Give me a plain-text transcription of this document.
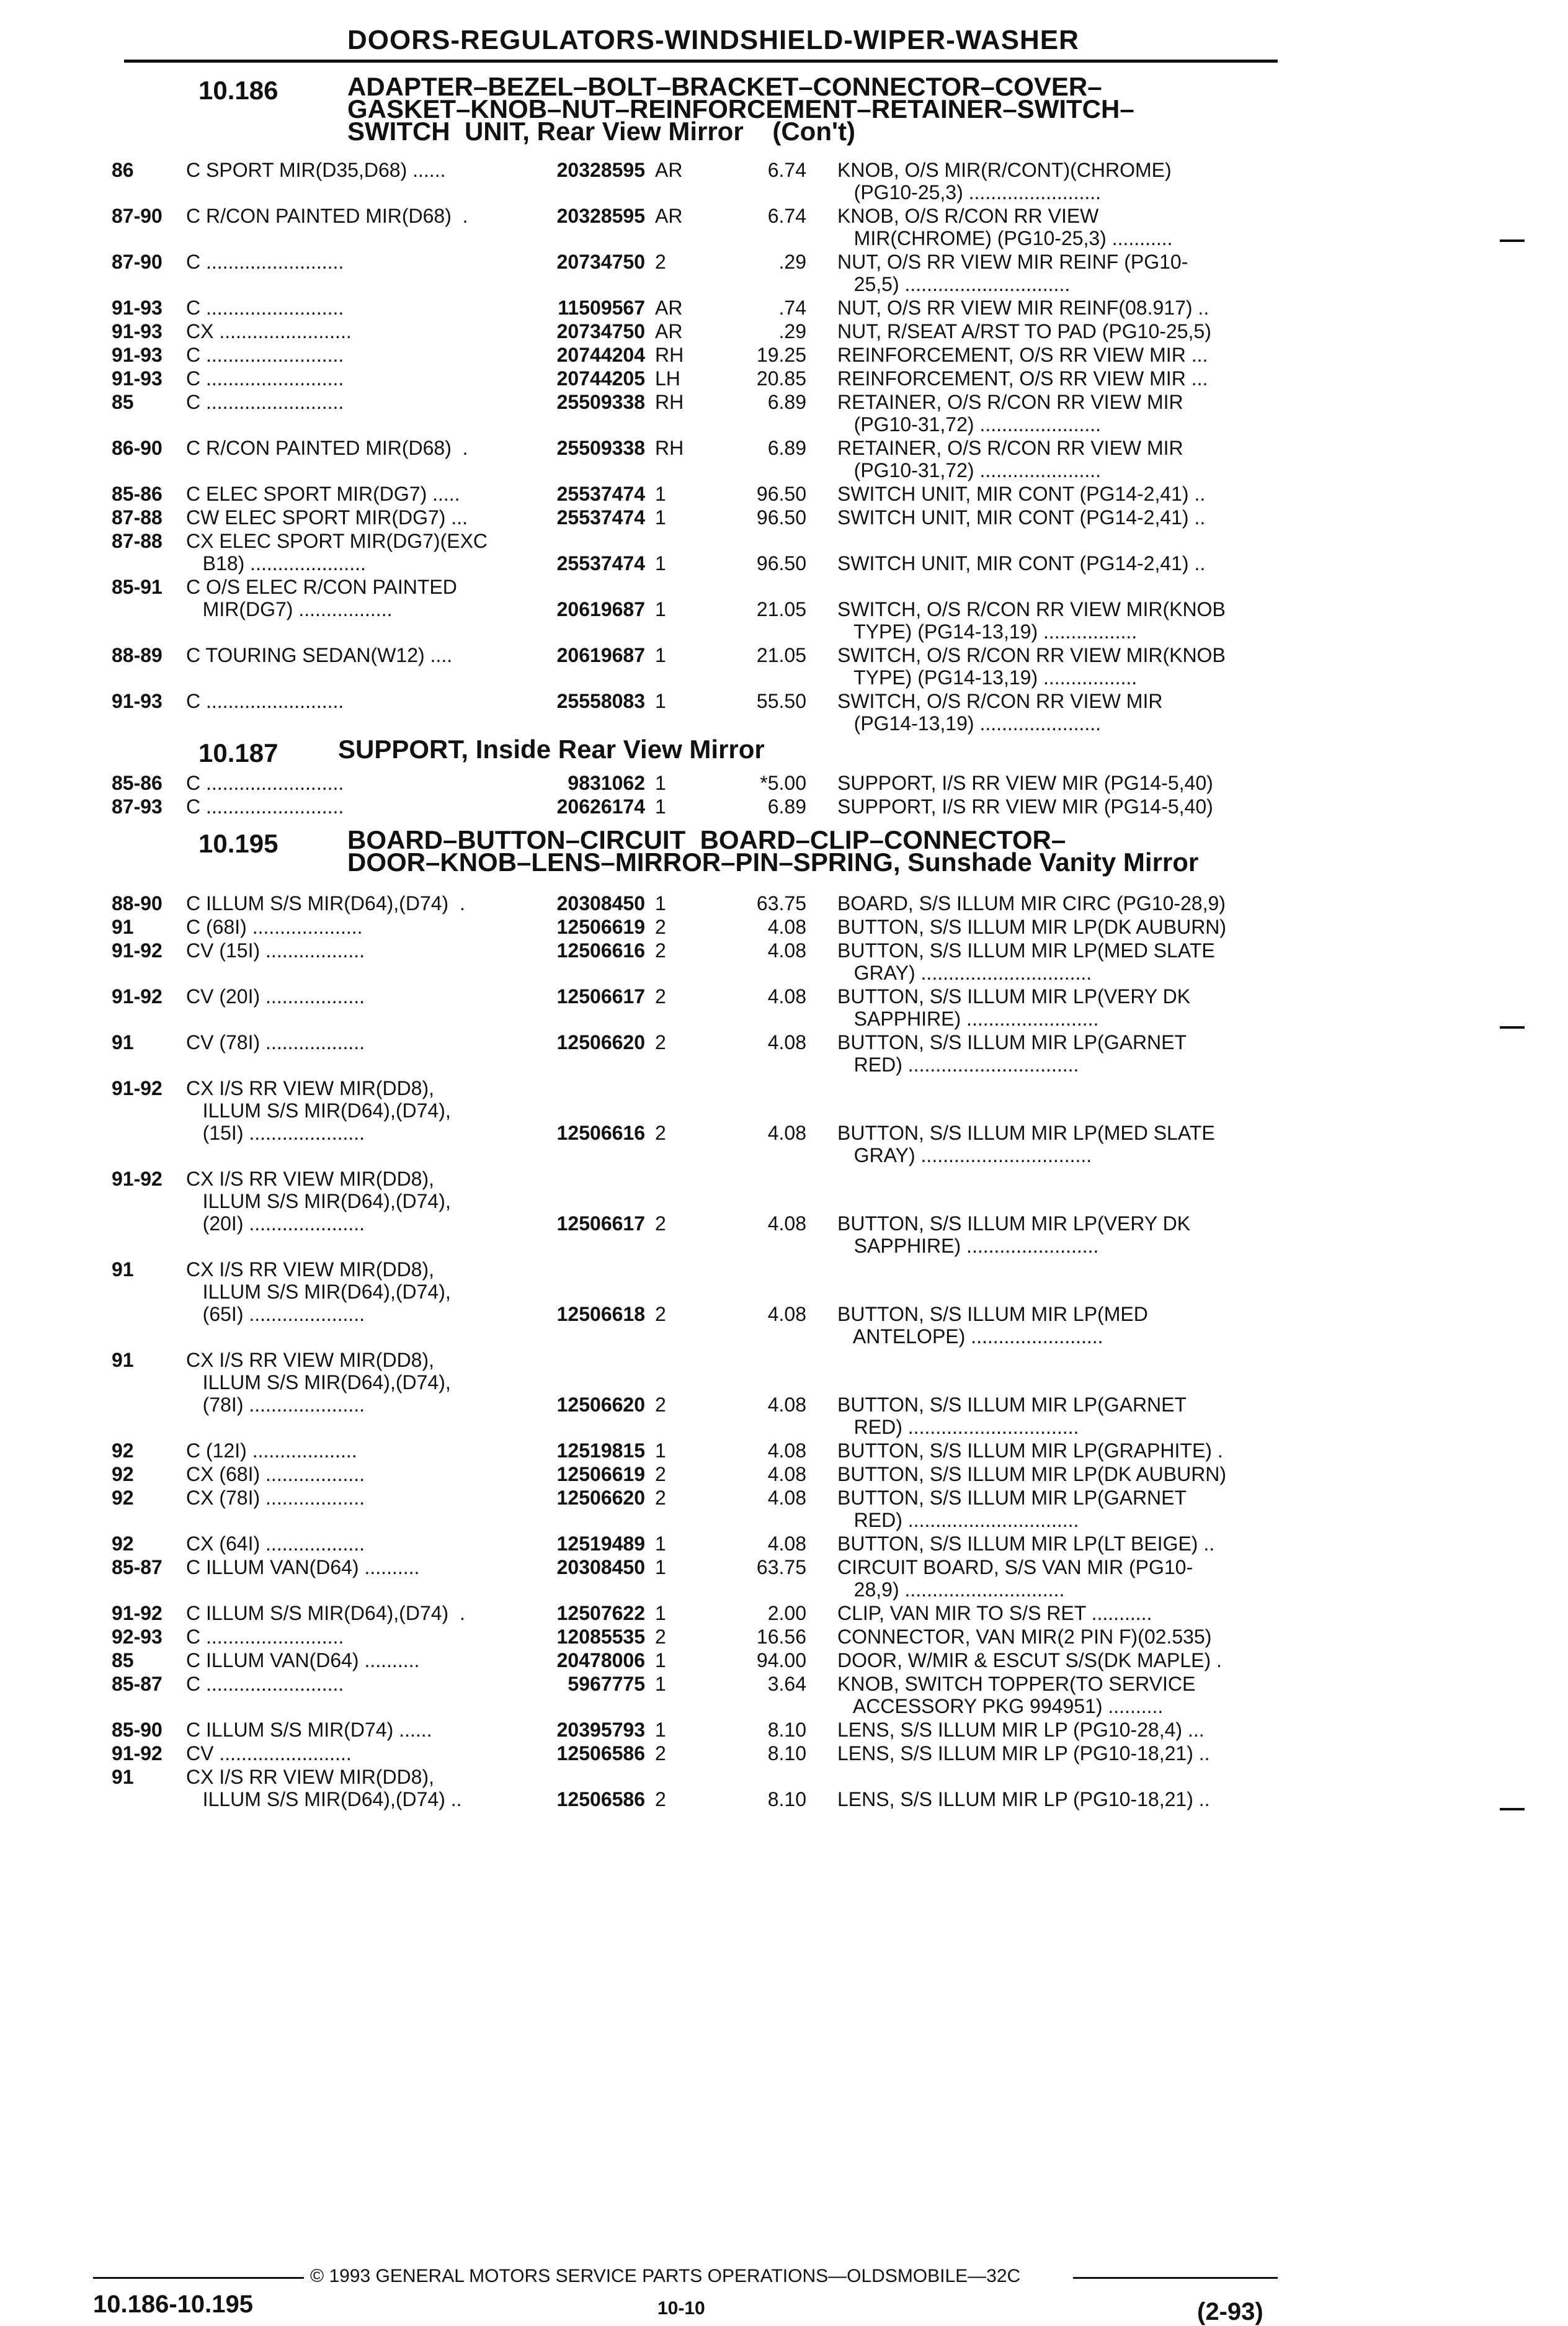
DOORS-REGULATORS-WINDSHIELD-WIPER-WASHER
10.186	ADAPTER–BEZEL–BOLT–BRACKET–CONNECTOR–COVER–
GASKET–KNOB–NUT–REINFORCEMENT–RETAINER–SWITCH–
SWITCH  UNIT, Rear View Mirror    (Con't)
86	C SPORT MIR(D35,D68) ......	20328595 AR	6.74 KNOB, O/S MIR(R/CONT)(CHROME)
(PG10-25,3) ........................
87-90 C R/CON PAINTED MIR(D68)  .	20328595 AR	6.74 KNOB, O/S R/CON RR VIEW
MIR(CHROME) (PG10-25,3) ...........
87-90 C .........................	20734750 2	.29 NUT, O/S RR VIEW MIR REINF (PG10-
25,5) ..............................
91-93 C .........................	11509567 AR	.74 NUT, O/S RR VIEW MIR REINF(08.917) ..
91-93 CX ........................	20734750 AR	.29 NUT, R/SEAT A/RST TO PAD (PG10-25,5)
91-93 C .........................	20744204 RH	19.25 REINFORCEMENT, O/S RR VIEW MIR ...
91-93 C .........................	20744205 LH	20.85 REINFORCEMENT, O/S RR VIEW MIR ...
85	C .........................	25509338 RH	6.89 RETAINER, O/S R/CON RR VIEW MIR
(PG10-31,72) ......................
86-90 C R/CON PAINTED MIR(D68)  .	25509338 RH	6.89 RETAINER, O/S R/CON RR VIEW MIR
(PG10-31,72) ......................
85-86 C ELEC SPORT MIR(DG7) .....	25537474 1	96.50 SWITCH UNIT, MIR CONT (PG14-2,41) ..
87-88 CW ELEC SPORT MIR(DG7) ...	25537474 1	96.50 SWITCH UNIT, MIR CONT (PG14-2,41) ..
87-88 CX ELEC SPORT MIR(DG7)(EXC
B18) .....................	25537474 1	96.50 SWITCH UNIT, MIR CONT (PG14-2,41) ..
85-91 C O/S ELEC R/CON PAINTED
MIR(DG7) .................	20619687 1	21.05 SWITCH, O/S R/CON RR VIEW MIR(KNOB
TYPE) (PG14-13,19) .................
88-89 C TOURING SEDAN(W12) ....	20619687 1	21.05 SWITCH, O/S R/CON RR VIEW MIR(KNOB
TYPE) (PG14-13,19) .................
91-93 C .........................	25558083 1	55.50 SWITCH, O/S R/CON RR VIEW MIR
(PG14-13,19) ......................
10.187 SUPPORT, Inside Rear View Mirror
85-86 C .........................	9831062 1	*5.00 SUPPORT, I/S RR VIEW MIR (PG14-5,40)
87-93 C .........................	20626174 1	6.89 SUPPORT, I/S RR VIEW MIR (PG14-5,40)
10.195	BOARD–BUTTON–CIRCUIT  BOARD–CLIP–CONNECTOR–
DOOR–KNOB–LENS–MIRROR–PIN–SPRING, Sunshade Vanity Mirror
88-90 C ILLUM S/S MIR(D64),(D74)  .	20308450 1	63.75 BOARD, S/S ILLUM MIR CIRC (PG10-28,9)
91	C (68I) ....................	12506619 2	4.08 BUTTON, S/S ILLUM MIR LP(DK AUBURN)
91-92 CV (15I) ..................	12506616 2	4.08 BUTTON, S/S ILLUM MIR LP(MED SLATE
GRAY) ...............................
91-92 CV (20I) ..................	12506617 2	4.08 BUTTON, S/S ILLUM MIR LP(VERY DK
SAPPHIRE) ........................
91	CV (78I) ..................	12506620 2	4.08 BUTTON, S/S ILLUM MIR LP(GARNET
RED) ...............................
91-92 CX I/S RR VIEW MIR(DD8),
ILLUM S/S MIR(D64),(D74),
(15I) .....................	12506616 2	4.08 BUTTON, S/S ILLUM MIR LP(MED SLATE
GRAY) ...............................
91-92 CX I/S RR VIEW MIR(DD8),
ILLUM S/S MIR(D64),(D74),
(20I) .....................	12506617 2	4.08 BUTTON, S/S ILLUM MIR LP(VERY DK
SAPPHIRE) ........................
91	CX I/S RR VIEW MIR(DD8),
ILLUM S/S MIR(D64),(D74),
(65I) .....................	12506618 2	4.08 BUTTON, S/S ILLUM MIR LP(MED
ANTELOPE) ........................
91	CX I/S RR VIEW MIR(DD8),
ILLUM S/S MIR(D64),(D74),
(78I) .....................	12506620 2	4.08 BUTTON, S/S ILLUM MIR LP(GARNET
RED) ...............................
92	C (12I) ...................	12519815 1	4.08 BUTTON, S/S ILLUM MIR LP(GRAPHITE) .
92	CX (68I) ..................	12506619 2	4.08 BUTTON, S/S ILLUM MIR LP(DK AUBURN)
92	CX (78I) ..................	12506620 2	4.08 BUTTON, S/S ILLUM MIR LP(GARNET
RED) ...............................
92	CX (64I) ..................	12519489 1	4.08 BUTTON, S/S ILLUM MIR LP(LT BEIGE) ..
85-87 C ILLUM VAN(D64) ..........	20308450 1	63.75 CIRCUIT BOARD, S/S VAN MIR (PG10-
28,9) .............................
91-92 C ILLUM S/S MIR(D64),(D74)  .	12507622 1	2.00 CLIP, VAN MIR TO S/S RET ...........
92-93 C .........................	12085535 2	16.56 CONNECTOR, VAN MIR(2 PIN F)(02.535)
85	C ILLUM VAN(D64) ..........	20478006 1	94.00 DOOR, W/MIR & ESCUT S/S(DK MAPLE) .
85-87 C .........................	5967775 1	3.64 KNOB, SWITCH TOPPER(TO SERVICE
ACCESSORY PKG 994951) ..........
85-90 C ILLUM S/S MIR(D74) ......	20395793 1	8.10 LENS, S/S ILLUM MIR LP (PG10-28,4) ...
91-92 CV ........................	12506586 2	8.10 LENS, S/S ILLUM MIR LP (PG10-18,21) ..
91	CX I/S RR VIEW MIR(DD8),
ILLUM S/S MIR(D64),(D74) ..	12506586 2	8.10 LENS, S/S ILLUM MIR LP (PG10-18,21) ..
© 1993 GENERAL MOTORS SERVICE PARTS OPERATIONS—OLDSMOBILE—32C
10.186-10.195	10-10	(2-93)
